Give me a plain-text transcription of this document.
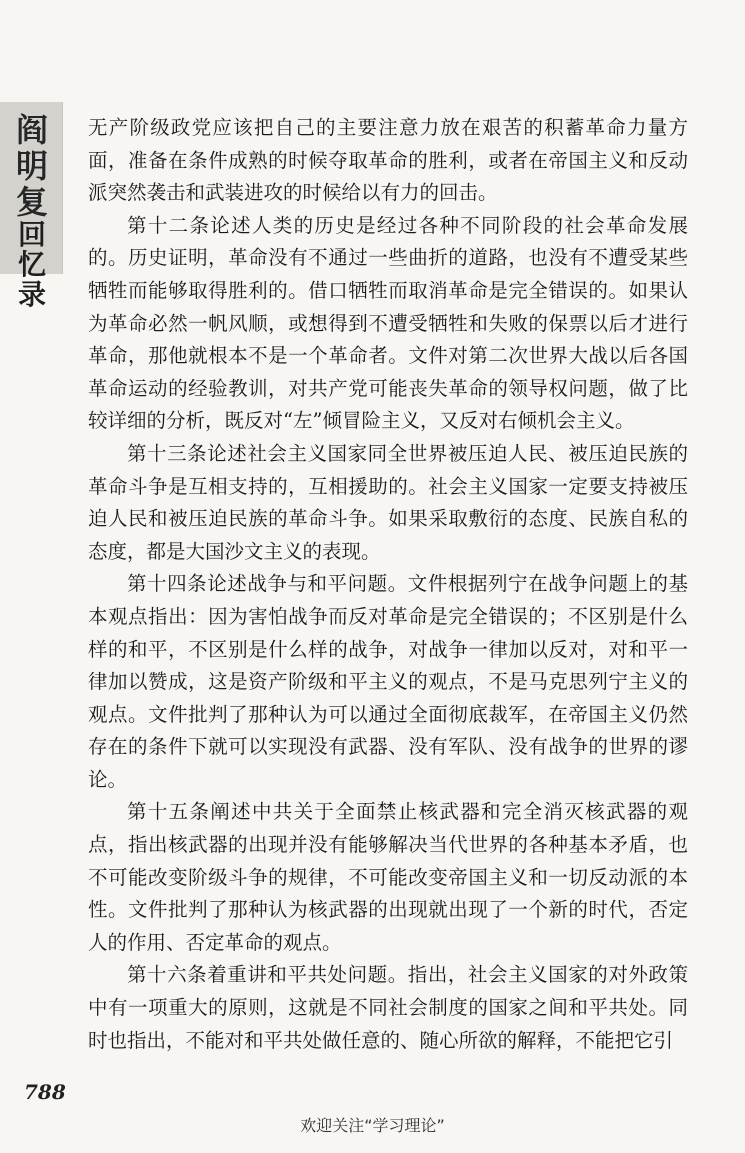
阎
明
复
回
忆
录

无产阶级政党应该把自己的主要注意力放在艰苦的积蓄革命力量方面，准备在条件成熟的时候夺取革命的胜利，或者在帝国主义和反动派突然袭击和武装进攻的时候给以有力的回击。

第十二条论述人类的历史是经过各种不同阶段的社会革命发展的。历史证明，革命没有不通过一些曲折的道路，也没有不遭受某些牺牲而能够取得胜利的。借口牺牲而取消革命是完全错误的。如果认为革命必然一帆风顺，或想得到不遭受牺牲和失败的保票以后才进行革命，那他就根本不是一个革命者。文件对第二次世界大战以后各国革命运动的经验教训，对共产党可能丧失革命的领导权问题，做了比较详细的分析，既反对“左”倾冒险主义，又反对右倾机会主义。

第十三条论述社会主义国家同全世界被压迫人民、被压迫民族的革命斗争是互相支持的，互相援助的。社会主义国家一定要支持被压迫人民和被压迫民族的革命斗争。如果采取敷衍的态度、民族自私的态度，都是大国沙文主义的表现。

第十四条论述战争与和平问题。文件根据列宁在战争问题上的基本观点指出：因为害怕战争而反对革命是完全错误的；不区别是什么样的和平，不区别是什么样的战争，对战争一律加以反对，对和平一律加以赞成，这是资产阶级和平主义的观点，不是马克思列宁主义的观点。文件批判了那种认为可以通过全面彻底裁军，在帝国主义仍然存在的条件下就可以实现没有武器、没有军队、没有战争的世界的谬论。

第十五条阐述中共关于全面禁止核武器和完全消灭核武器的观点，指出核武器的出现并没有能够解决当代世界的各种基本矛盾，也不可能改变阶级斗争的规律，不可能改变帝国主义和一切反动派的本性。文件批判了那种认为核武器的出现就出现了一个新的时代，否定人的作用、否定革命的观点。

第十六条着重讲和平共处问题。指出，社会主义国家的对外政策中有一项重大的原则，这就是不同社会制度的国家之间和平共处。同时也指出，不能对和平共处做任意的、随心所欲的解释，不能把它引

788
欢迎关注“学习理论”
